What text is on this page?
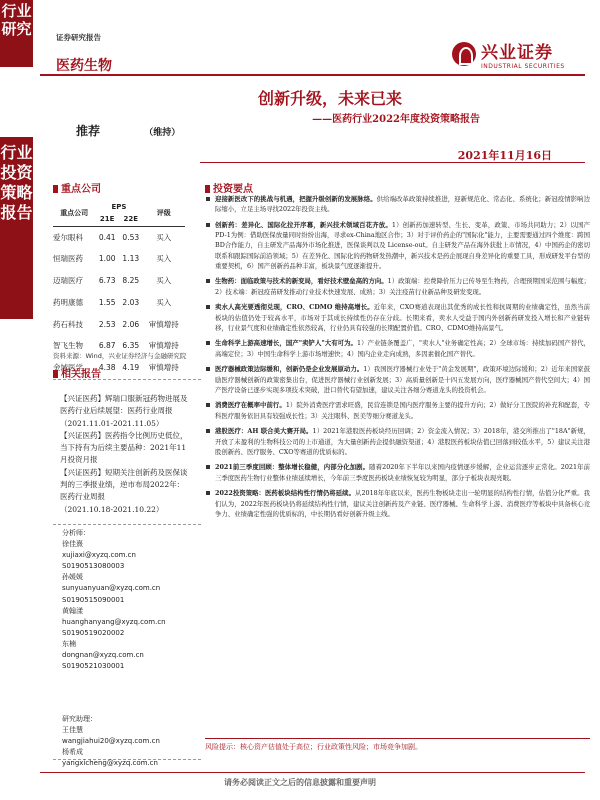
行业研究
行业投资策略报告
证券研究报告
医药生物
兴业证券
INDUSTRIAL SECURITIES
创新升级，未来已来
——医药行业2022年度投资策略报告
推荐	（维持）
2021年11月16日
重点公司
重点公司	EPS		评级
	21E	22E	
爱尔眼科	0.41	0.53	买入
恒瑞医药	1.00	1.13	买入
迈瑞医疗	6.73	8.25	买入
药明康德	1.55	2.03	买入
药石科技	2.53	2.06	审慎增持
智飞生物	6.87	6.35	审慎增持
金域医学	4.38	4.19	审慎增持
资料来源：Wind，兴业证券经济与金融研究院
相关报告

【兴证医药】辉瑞口服新冠药物进展及医药行业后续展望：医药行业周报

（2021.11.01-2021.11.05）

【兴证医药】医药指令比例历史低位，当下持有为后续主要品种：2021年11月投资月报

【兴证医药】短期关注创新药及医保谈判的三季报业绩，逆市布局2022年：医药行业周报

（2021.10.18-2021.10.22）

分析师：
徐佳熹
xujiaxi@xyzq.com.cn
S0190513080003
孙媛媛
sunyuanyuan@xyzq.com.cn
S0190515090001
黄翰漾
huanghanyang@xyzq.com.cn
S0190519020002
东楠
dongnan@xyzq.com.cn
S0190521030001
研究助理：
王佳慧
wangjiahui20@xyzq.com.cn
杨希成
yangxicheng@xyzq.com.cn
投资要点
迎接新医改下的挑战与机遇，把握升级创新的发展脉络。供给端改革政策持续推进，迎新规范化、常态化、系统化；新冠疫情影响边际缩小，立足主场寻找2022年投资主线。
创新药：差异化、国际化拉开序幕，新兴技术领域百花齐放。1）创新药加速转型、生长、变革，政策、市场共同助力；2）以国产PD-1为例：借助医保放量同时纷纷出海，寻求ex-China地区合作；3）对于评价药企的"国际化"能力，主要需要通过四个维度：跨国BD合作能力，自主研发产品海外市场化推进，医保谈判以及 License-out。自主研发产品在海外获批上市情况，4）中国药企的密切联系和跟踪国际前沿领域；5）在差异化、国际化的药物研发热潮中，新兴技术是药企展现自身差异化的重要工具，形成研发平台型的重要契机，6）国产创新药品种丰富，板块景气度逐渐提升。
生物药：面临政策与技术的新变局，看好技术壁垒高的方向。1）政策端：控费降价压力已传导至生物药，合理预期国采范围与幅度；2）技术端：新冠疫苗研发推动行业技术快速发展、成熟；3）关注疫苗行业新品种及研发变现。
卖水人高光要透彻兑现，CRO、CDMO 维持高增长。近年来，CXO赛道表现出其优秀的成长性和抗周期的业绩确定性，虽然当前板块的估值仍处于较高水平，市场对于其成长持续性仍存在分歧。长期来看，卖水人受益于国内外创新药研发投入增长和产业链转移，行业景气度和业绩确定性依然较高，行业仍具有较强的长期配置价值。CRO、CDMO维持高景气。
生命科学上游高速增长，国产"卖铲人"大有可为。1）产业链条覆盖广，"卖水人"业务确定性高；2）全球市场：持续加码国产替代，高端定位；3）中国生命科学上游市场增速快；4）国内企业走向成熟，多因素催化国产替代。
医疗器械政策边际缓和，创新仍是企业发展原动力。1）我国医疗器械行业处于"黄金发展期"，政策环境边际缓和；2）近年来国家鼓励医疗器械创新的政策密集出台，促进医疗器械行业创新发展；3）高质量创新是十四五发展方向，医疗器械国产替代空间大；4）国产医疗设备已逐步实现多项技术突破，进口替代有望加速，建议关注各细分赛道龙头的投资机会。
消费医疗在概率中前行。1）院外消费医疗需求旺盛，民营连锁是国内医疗服务主要的提升方向；2）做好分工医院的补充和配套，专科医疗服务依旧具有较强成长性；3）关注眼科、医美等细分赛道龙头。
港股医疗：AH 联合美大赛开局。1）2021年港股医药板块经历回调；2）资金流入情况；3）2018年，港交所推出了"18A"新规，开放了未盈利的生物科技公司的上市通道，为大量创新药企提供融资渠道；4）港股医药板块估值已回落到较低水平，5）建议关注港股创新药、医疗服务、CXO等赛道的优质标的。
2021前三季度回顾：整体增长稳健，内部分化加剧。随着2020年下半年以来国内疫情逐步缓解，企业运营逐步正常化。2021年前三季度医药生物行业整体业绩延续增长，今年前三季度医药板块业绩恢复较为明显，部分子板块表现亮眼。
2022投资策略：医药板块结构性行情仍将延续。从2018年年底以来，医药生物板块走出一轮明显的结构性行情，估值分化严重。我们认为，2022年医药板块仍将延续结构性行情，建议关注创新药及产业链、医疗器械、生命科学上游、消费医疗等板块中具备核心竞争力、业绩确定性强的优质标的，中长期仍看好创新升级主线。
风险提示：核心资产估值处于高位；行业政策性风险；市场竞争加剧。
请务必阅读正文之后的信息披露和重要声明
